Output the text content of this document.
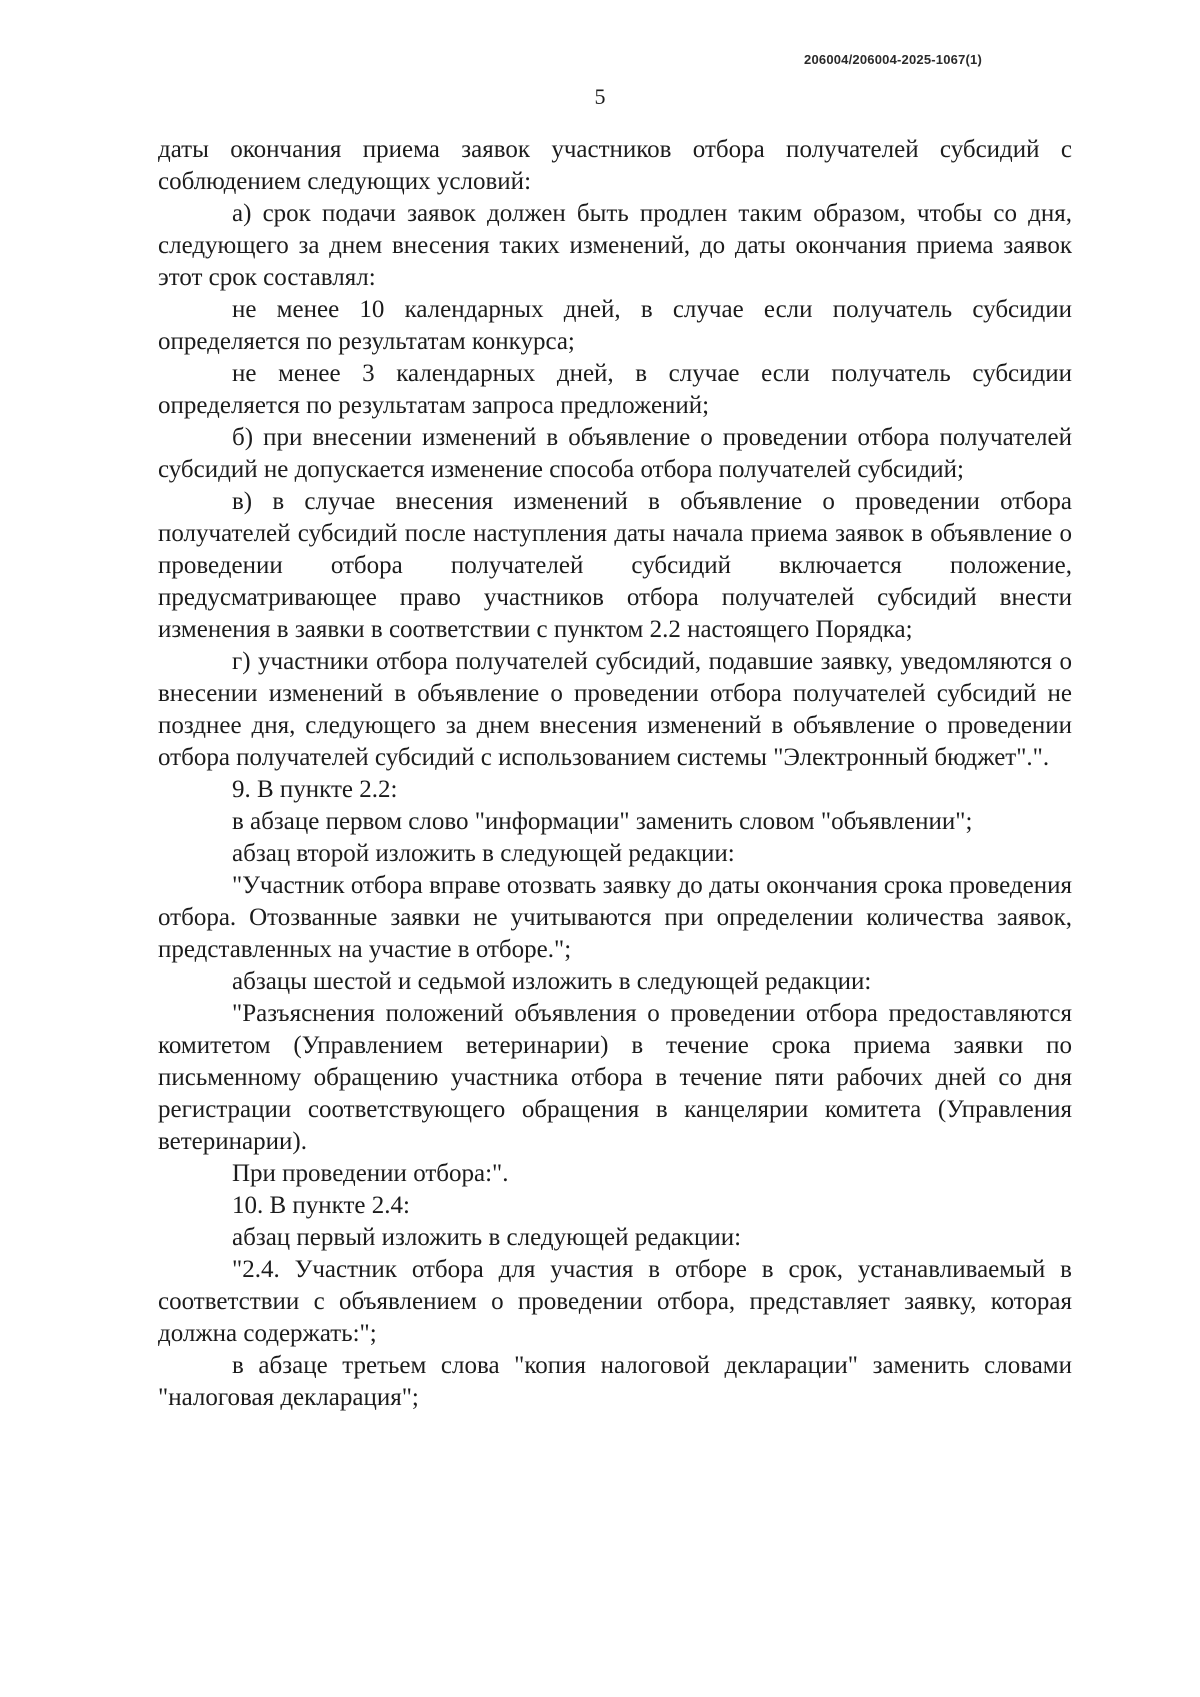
206004/206004-2025-1067(1)
5

даты окончания приема заявок участников отбора получателей субсидий с соблюдением следующих условий:

а) срок подачи заявок должен быть продлен таким образом, чтобы со дня, следующего за днем внесения таких изменений, до даты окончания приема заявок этот срок составлял:

не менее 10 календарных дней, в случае если получатель субсидии определяется по результатам конкурса;

не менее 3 календарных дней, в случае если получатель субсидии определяется по результатам запроса предложений;

б) при внесении изменений в объявление о проведении отбора получателей субсидий не допускается изменение способа отбора получателей субсидий;

в) в случае внесения изменений в объявление о проведении отбора получателей субсидий после наступления даты начала приема заявок в объявление о проведении отбора получателей субсидий включается положение, предусматривающее право участников отбора получателей субсидий внести изменения в заявки в соответствии с пунктом 2.2 настоящего Порядка;

г) участники отбора получателей субсидий, подавшие заявку, уведомляются о внесении изменений в объявление о проведении отбора получателей субсидий не позднее дня, следующего за днем внесения изменений в объявление о проведении отбора получателей субсидий с использованием системы "Электронный бюджет".".

9. В пункте 2.2:

в абзаце первом слово "информации" заменить словом "объявлении";

абзац второй изложить в следующей редакции:

"Участник отбора вправе отозвать заявку до даты окончания срока проведения отбора. Отозванные заявки не учитываются при определении количества заявок, представленных на участие в отборе.";

абзацы шестой и седьмой изложить в следующей редакции:

"Разъяснения положений объявления о проведении отбора предоставляются комитетом (Управлением ветеринарии) в течение срока приема заявки по письменному обращению участника отбора в течение пяти рабочих дней со дня регистрации соответствующего обращения в канцелярии комитета (Управления ветеринарии).

При проведении отбора:".

10. В пункте 2.4:

абзац первый изложить в следующей редакции:

"2.4. Участник отбора для участия в отборе в срок, устанавливаемый в соответствии с объявлением о проведении отбора, представляет заявку, которая должна содержать:";

в абзаце третьем слова "копия налоговой декларации" заменить словами "налоговая декларация";
